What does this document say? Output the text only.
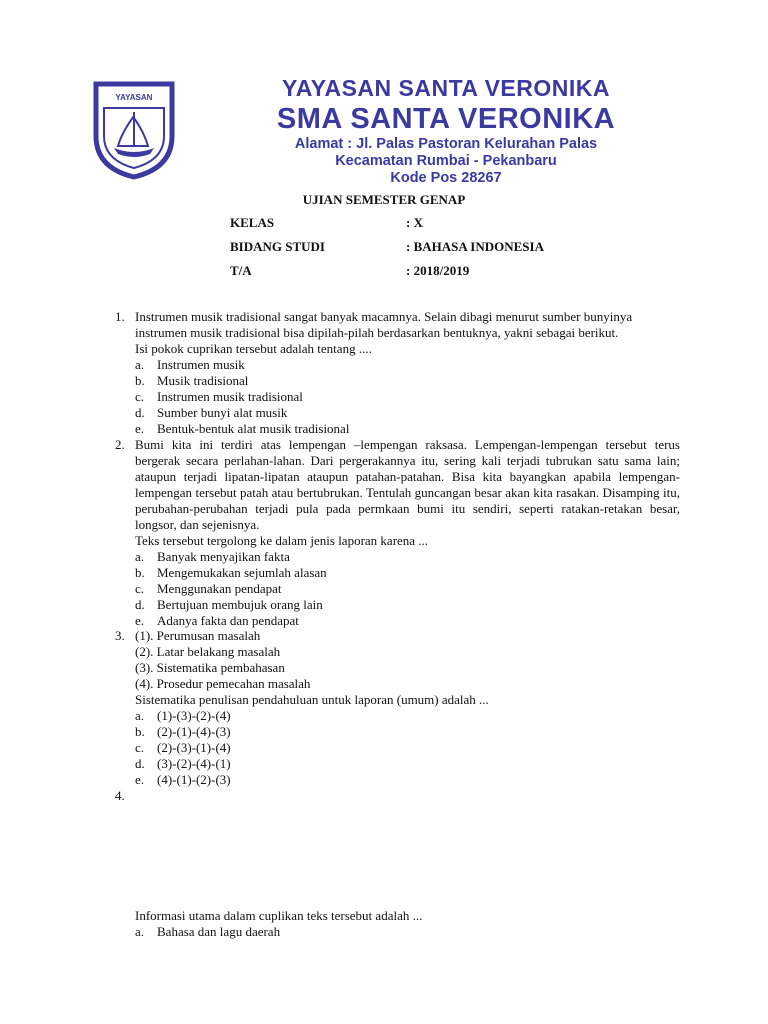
YAYASAN	YAYASAN SANTA VERONIKA
SMA SANTA VERONIKA
Alamat : Jl. Palas Pastoran Kelurahan Palas
Kecamatan Rumbai - Pekanbaru
Kode Pos 28267
UJIAN SEMESTER GENAP
KELAS	: X
BIDANG STUDI	: BAHASA INDONESIA
T/A	: 2018/2019
1. Instrumen musik tradisional sangat banyak macamnya. Selain dibagi menurut sumber bunyinya

instrumen musik tradisional bisa dipilah-pilah berdasarkan bentuknya, yakni sebagai berikut.

Isi pokok cuprikan tersebut adalah tentang ....

a. Instrumen musik
b. Musik tradisional
c. Instrumen musik tradisional
d. Sumber bunyi alat musik
e. Bentuk-bentuk alat musik tradisional
2. Bumi kita ini terdiri atas lempengan –lempengan raksasa. Lempengan-lempengan tersebut terus bergerak secara perlahan-lahan. Dari pergerakannya itu, sering kali terjadi tubrukan satu sama lain; ataupun terjadi lipatan-lipatan ataupun patahan-patahan. Bisa kita bayangkan apabila lempengan-lempengan tersebut patah atau bertubrukan. Tentulah guncangan besar akan kita rasakan. Disamping itu, perubahan-perubahan terjadi pula pada permkaan bumi itu sendiri, seperti ratakan-retakan besar, longsor, dan sejenisnya.

Teks tersebut tergolong ke dalam jenis laporan karena ...

a. Banyak menyajikan fakta
b. Mengemukakan sejumlah alasan
c. Menggunakan pendapat
d. Bertujuan membujuk orang lain
e. Adanya fakta dan pendapat
3. (1). Perumusan masalah

(2). Latar belakang masalah

(3). Sistematika pembahasan

(4). Prosedur pemecahan masalah

Sistematika penulisan pendahuluan untuk laporan (umum) adalah ...

a. (1)-(3)-(2)-(4)
b. (2)-(1)-(4)-(3)
c. (2)-(3)-(1)-(4)
d. (3)-(2)-(4)-(1)
e. (4)-(1)-(2)-(3)
4.

Informasi utama dalam cuplikan teks tersebut adalah ...

a. Bahasa dan lagu daerah
